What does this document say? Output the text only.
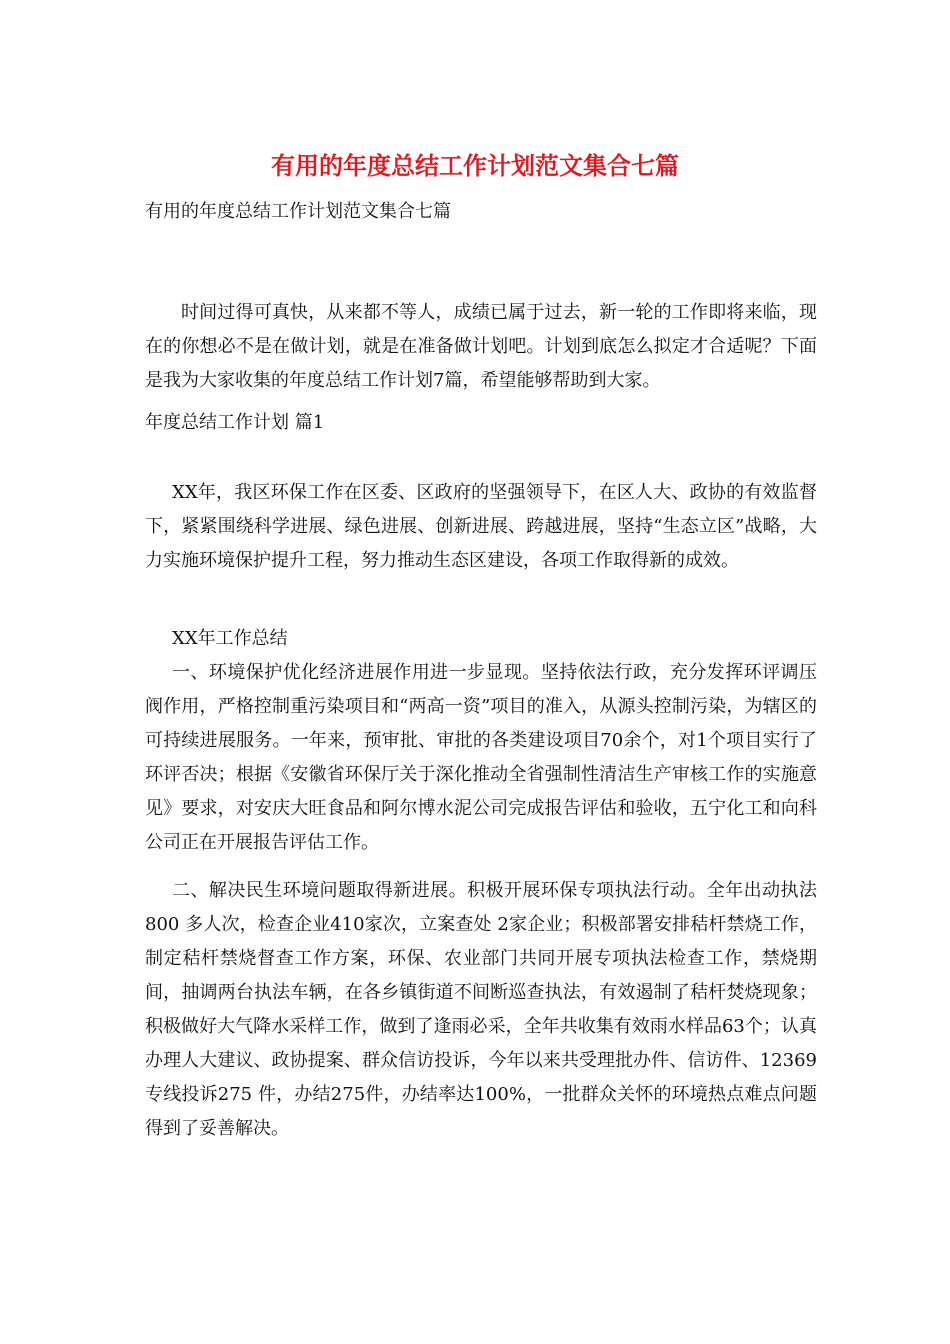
有用的年度总结工作计划范文集合七篇

有用的年度总结工作计划范文集合七篇

时间过得可真快，从来都不等人，成绩已属于过去，新一轮的工作即将来临，现在的你想必不是在做计划，就是在准备做计划吧。计划到底怎么拟定才合适呢？下面是我为大家收集的年度总结工作计划7篇，希望能够帮助到大家。

年度总结工作计划 篇1

XX年，我区环保工作在区委、区政府的坚强领导下，在区人大、政协的有效监督下，紧紧围绕科学进展、绿色进展、创新进展、跨越进展，坚持“生态立区”战略，大力实施环境保护提升工程，努力推动生态区建设，各项工作取得新的成效。

XX年工作总结

一、环境保护优化经济进展作用进一步显现。坚持依法行政，充分发挥环评调压阀作用，严格控制重污染项目和“两高一资”项目的准入，从源头控制污染，为辖区的可持续进展服务。一年来，预审批、审批的各类建设项目70余个，对1个项目实行了环评否决；根据《安徽省环保厅关于深化推动全省强制性清洁生产审核工作的实施意见》要求，对安庆大旺食品和阿尔博水泥公司完成报告评估和验收，五宁化工和向科公司正在开展报告评估工作。

二、解决民生环境问题取得新进展。积极开展环保专项执法行动。全年出动执法 800 多人次，检查企业410家次，立案查处 2家企业；积极部署安排秸杆禁烧工作，制定秸杆禁烧督查工作方案，环保、农业部门共同开展专项执法检查工作，禁烧期间，抽调两台执法车辆，在各乡镇街道不间断巡查执法，有效遏制了秸杆焚烧现象；积极做好大气降水采样工作，做到了逢雨必采，全年共收集有效雨水样品63个；认真办理人大建议、政协提案、群众信访投诉，今年以来共受理批办件、信访件、12369专线投诉275 件，办结275件，办结率达100%，一批群众关怀的环境热点难点问题得到了妥善解决。
